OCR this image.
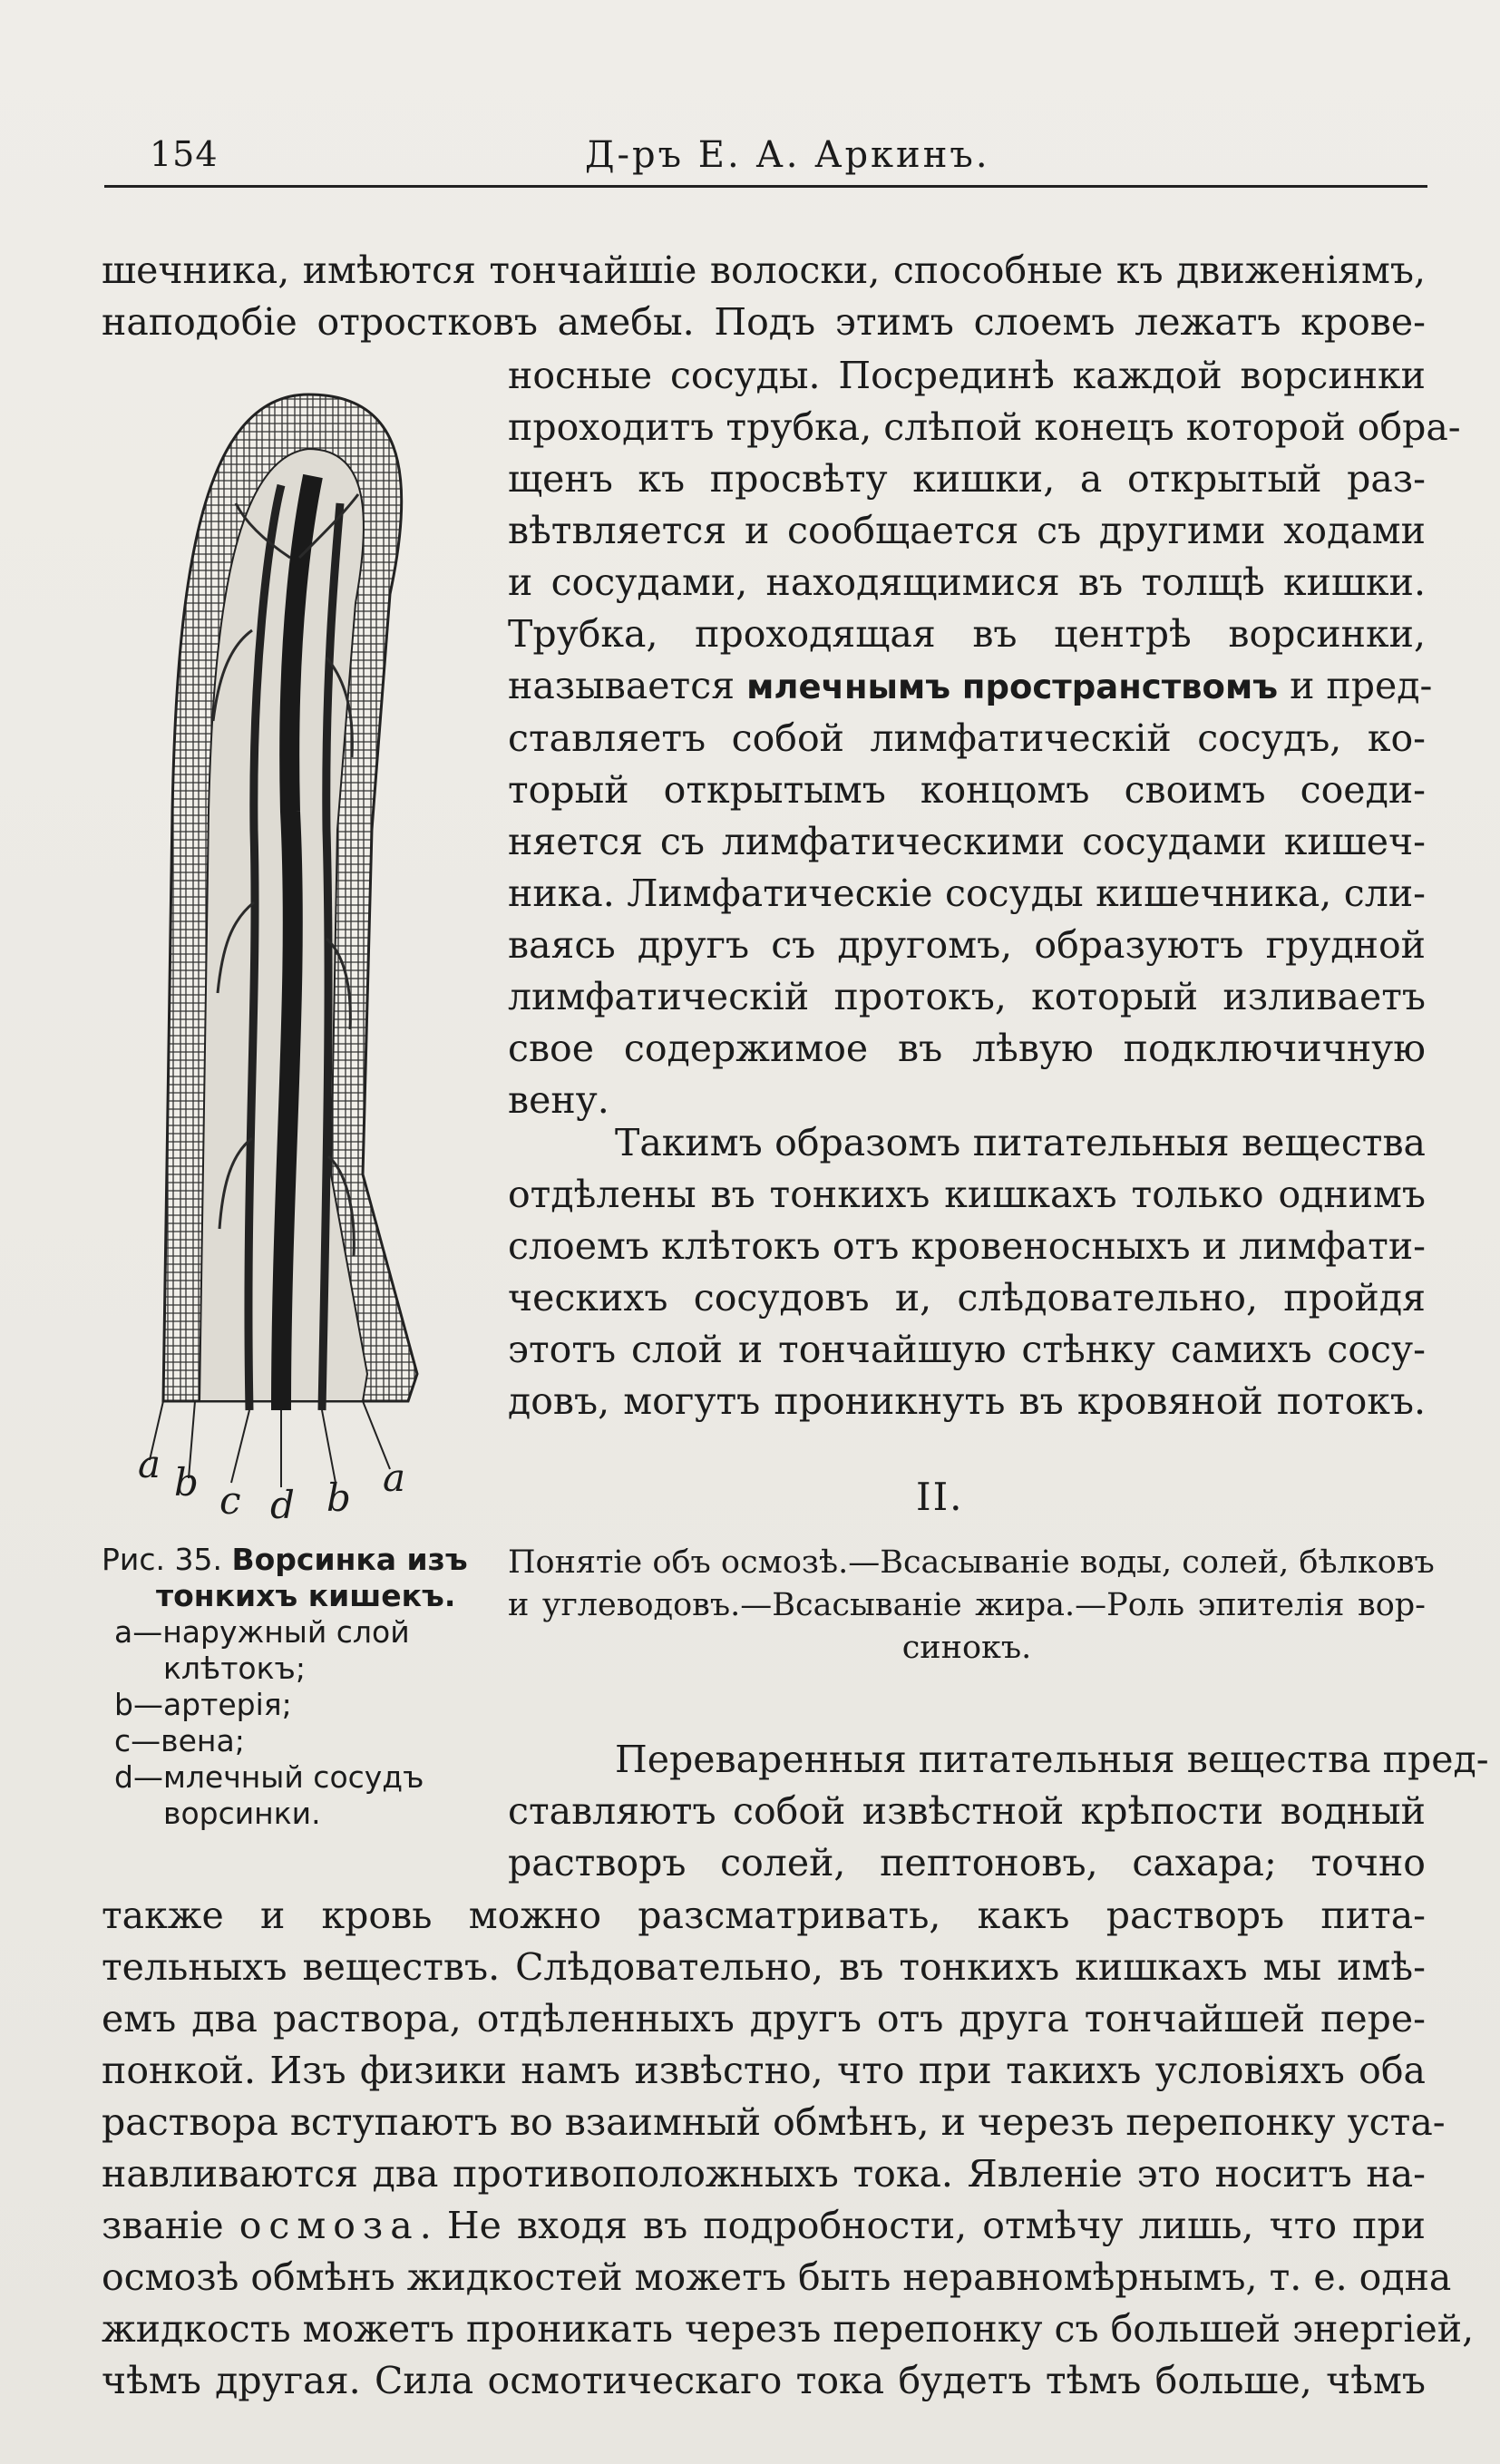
154	Д-ръ Е. А. Аркинъ.
шечника, имѣются тончайшіе волоски, способные къ движеніямъ,
наподобіе отростковъ амебы. Подъ этимъ слоемъ лежатъ крове-
носные сосуды. Посрединѣ каждой ворсинки
проходитъ трубка, слѣпой конецъ которой обра-
щенъ къ просвѣту кишки, а открытый раз-
вѣтвляется и сообщается съ другими ходами
и сосудами, находящимися въ толщѣ кишки.
Трубка, проходящая въ центрѣ ворсинки,
называется млечнымъ пространствомъ и пред-
ставляетъ собой лимфатическій сосудъ, ко-
торый открытымъ концомъ своимъ соеди-
няется съ лимфатическими сосудами кишеч-
ника. Лимфатическіе сосуды кишечника, сли-
ваясь другъ съ другомъ, образуютъ грудной
лимфатическій протокъ, который изливаетъ
свое содержимое въ лѣвую подключичную
вену.
Такимъ образомъ питательныя вещества
отдѣлены въ тонкихъ кишкахъ только однимъ
слоемъ клѣтокъ отъ кровеносныхъ и лимфати-
ческихъ сосудовъ и, слѣдовательно, пройдя
этотъ слой и тончайшую стѣнку самихъ сосу-
довъ, могутъ проникнуть въ кровяной потокъ.
II.
Понятіе объ осмозѣ.—Всасываніе воды, солей, бѣлковъ
и углеводовъ.—Всасываніе жира.—Роль эпителія вор-
синокъ.
Переваренныя питательныя вещества пред-
ставляютъ собой извѣстной крѣпости водный
растворъ солей, пептоновъ, сахара; точно
также и кровь можно разсматривать, какъ растворъ пита-
тельныхъ веществъ. Слѣдовательно, въ тонкихъ кишкахъ мы имѣ-
емъ два раствора, отдѣленныхъ другъ отъ друга тончайшей пере-
понкой. Изъ физики намъ извѣстно, что при такихъ условіяхъ оба
раствора вступаютъ во взаимный обмѣнъ, и черезъ перепонку уста-
навливаются два противоположныхъ тока. Явленіе это носитъ на-
званіе осмоза. Не входя въ подробности, отмѣчу лишь, что при
осмозѣ обмѣнъ жидкостей можетъ быть неравномѣрнымъ, т. е. одна
жидкость можетъ проникать черезъ перепонку съ большей энергіей,
чѣмъ другая. Сила осмотическаго тока будетъ тѣмъ больше, чѣмъ
a b c d b a
Рис. 35. Ворсинка изъ
тонкихъ кишекъ.
a—наружный слой
клѣтокъ;
b—артерія;
c—вена;
d—млечный сосудъ
ворсинки.
